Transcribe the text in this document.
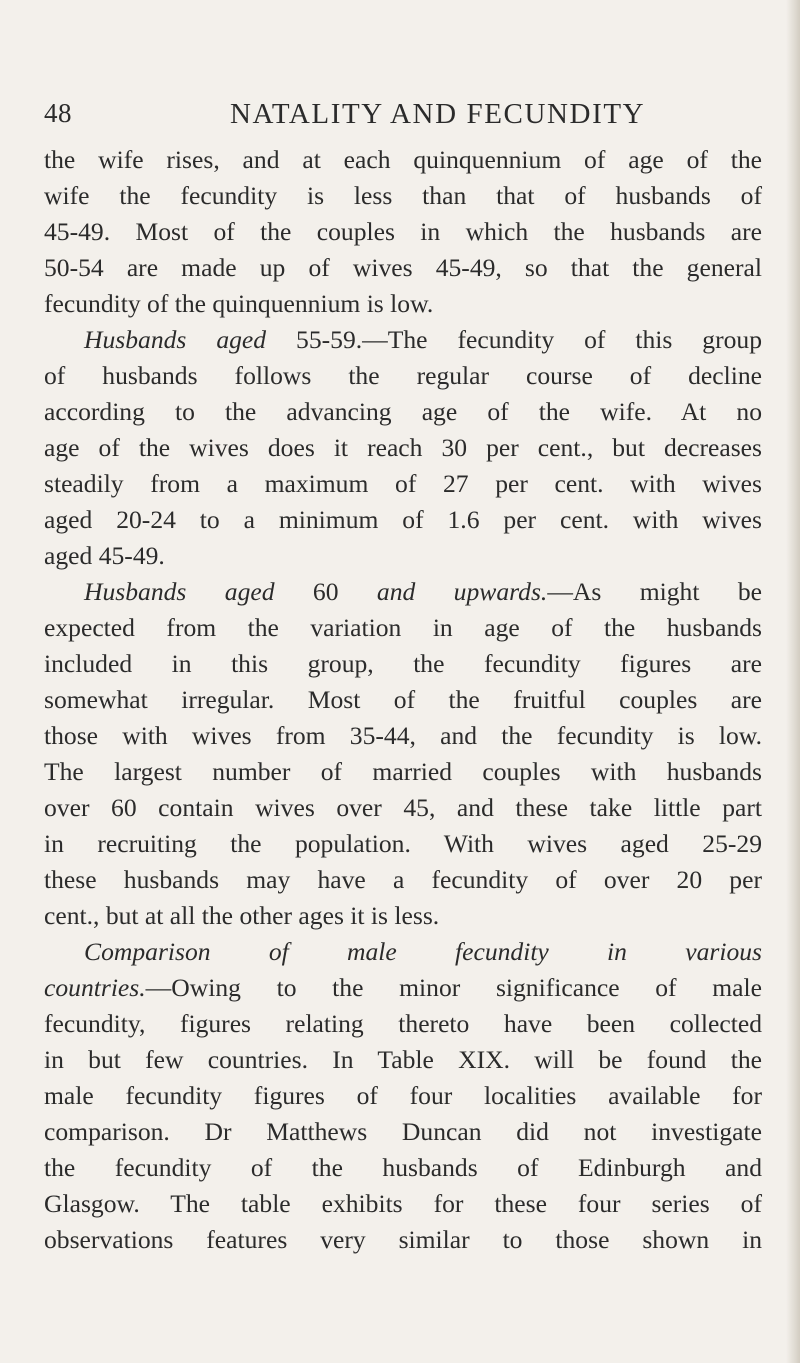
48	NATALITY AND FECUNDITY
the wife rises, and at each quinquennium of age of the
wife the fecundity is less than that of husbands of
45-49. Most of the couples in which the husbands are
50-54 are made up of wives 45-49, so that the general
fecundity of the quinquennium is low.
Husbands aged 55-59.—The fecundity of this group
of husbands follows the regular course of decline
according to the advancing age of the wife. At no
age of the wives does it reach 30 per cent., but decreases
steadily from a maximum of 27 per cent. with wives
aged 20-24 to a minimum of 1.6 per cent. with wives
aged 45-49.
Husbands aged 60 and upwards.—As might be
expected from the variation in age of the husbands
included in this group, the fecundity figures are
somewhat irregular. Most of the fruitful couples are
those with wives from 35-44, and the fecundity is low.
The largest number of married couples with husbands
over 60 contain wives over 45, and these take little part
in recruiting the population. With wives aged 25-29
these husbands may have a fecundity of over 20 per
cent., but at all the other ages it is less.
Comparison of male fecundity in various
countries.—Owing to the minor significance of male
fecundity, figures relating thereto have been collected
in but few countries. In Table XIX. will be found the
male fecundity figures of four localities available for
comparison. Dr Matthews Duncan did not investigate
the fecundity of the husbands of Edinburgh and
Glasgow. The table exhibits for these four series of
observations features very similar to those shown in
